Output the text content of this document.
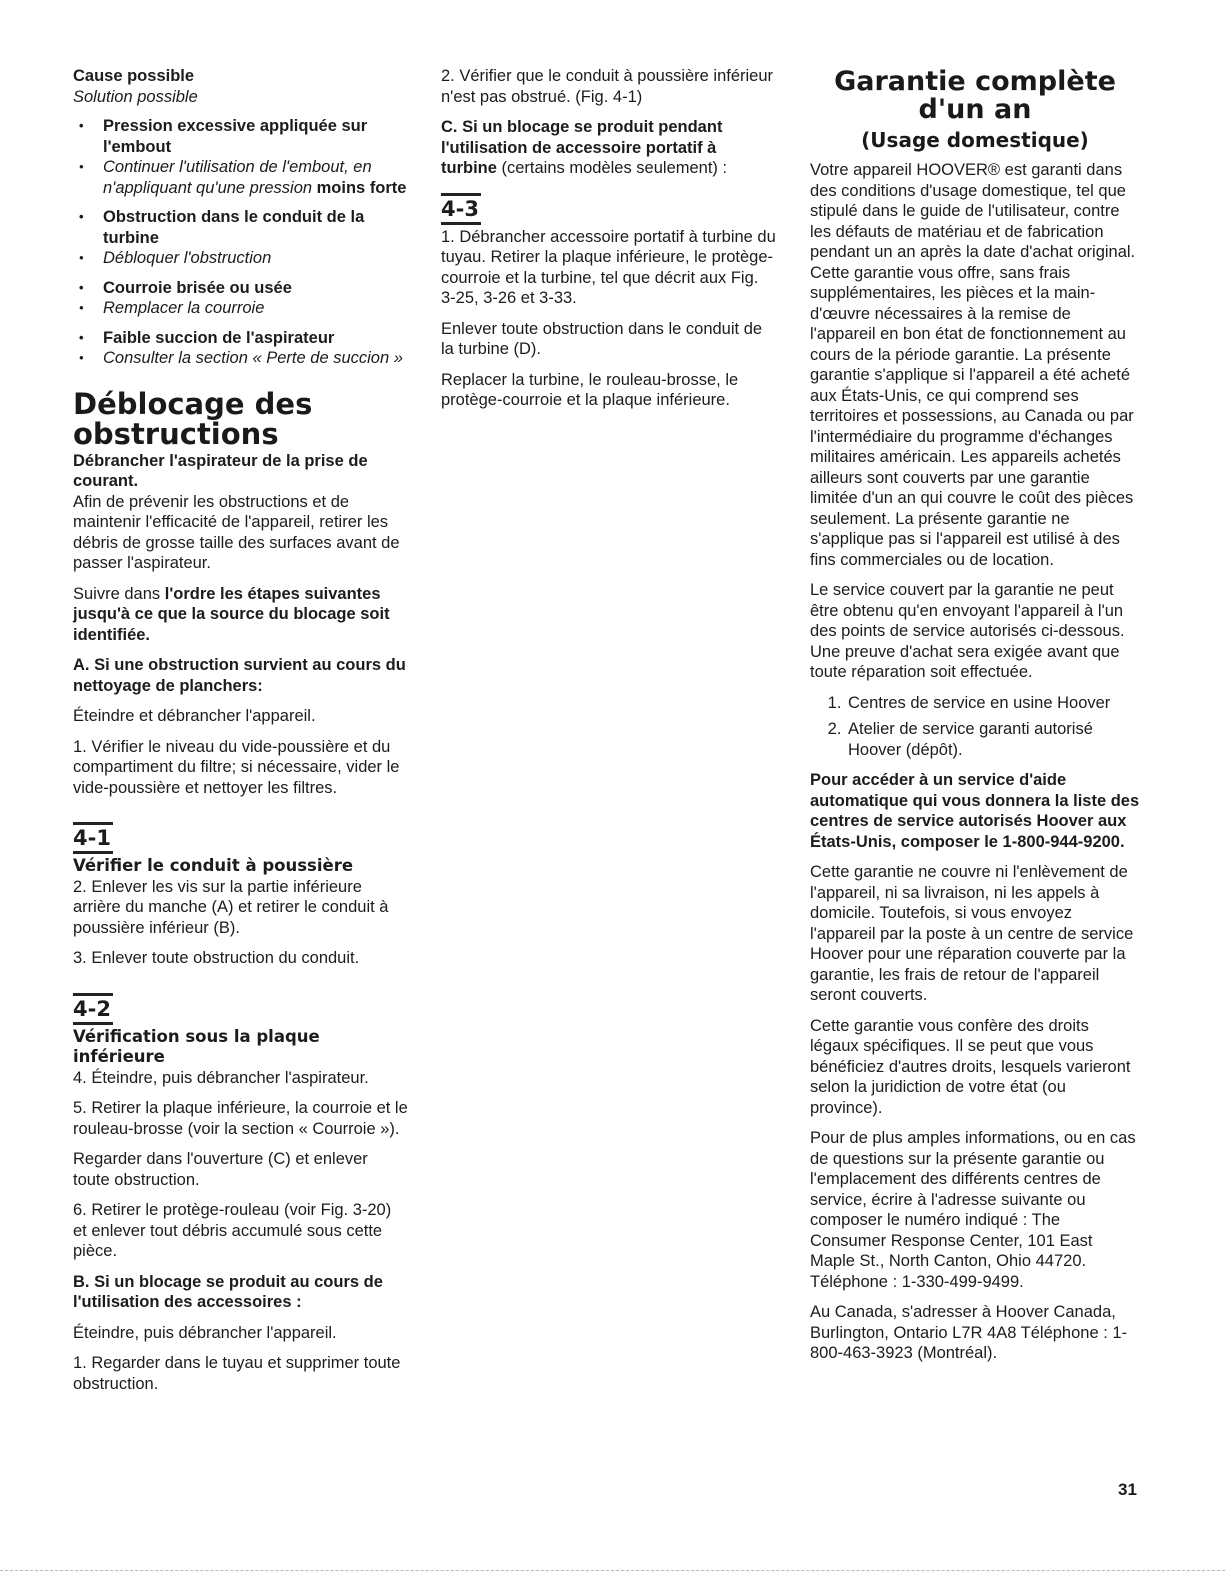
Cause possible
Solution possible
• Pression excessive appliquée sur l'embout
• Continuer l'utilisation de l'embout, en n'appliquant qu'une pression moins forte
• Obstruction dans le conduit de la turbine
• Débloquer l'obstruction
• Courroie brisée ou usée
• Remplacer la courroie
• Faible succion de l'aspirateur
• Consulter la section « Perte de succion »
Déblocage des
obstructions

Débrancher l'aspirateur de la prise de courant.

Afin de prévenir les obstructions et de maintenir l'efficacité de l'appareil, retirer les débris de grosse taille des surfaces avant de passer l'aspirateur.

Suivre dans l'ordre les étapes suivantes jusqu'à ce que la source du blocage soit identifiée.

A. Si une obstruction survient au cours du nettoyage de planchers:

Éteindre et débrancher l'appareil.

1. Vérifier le niveau du vide-poussière et du compartiment du filtre; si nécessaire, vider le vide-poussière et nettoyer les filtres.

4-1
Vérifier le conduit à poussière

2. Enlever les vis sur la partie inférieure arrière du manche (A) et retirer le conduit à poussière inférieur (B).

3. Enlever toute obstruction du conduit.

4-2
Vérification sous la plaque inférieure

4. Éteindre, puis débrancher l'aspirateur.

5. Retirer la plaque inférieure, la courroie et le rouleau-brosse (voir la section « Courroie »).

Regarder dans l'ouverture (C) et enlever toute obstruction.

6. Retirer le protège-rouleau (voir Fig. 3-20) et enlever tout débris accumulé sous cette pièce.

B. Si un blocage se produit au cours de l'utilisation des accessoires :

Éteindre, puis débrancher l'appareil.

1. Regarder dans le tuyau et supprimer toute obstruction.

2. Vérifier que le conduit à poussière inférieur n'est pas obstrué. (Fig. 4-1)

C. Si un blocage se produit pendant l'utilisation de accessoire portatif à turbine (certains modèles seulement) :

4-3

1. Débrancher accessoire portatif à turbine du tuyau. Retirer la plaque inférieure, le protège-courroie et la turbine, tel que décrit aux Fig. 3-25, 3-26 et 3-33.

Enlever toute obstruction dans le conduit de la turbine (D).

Replacer la turbine, le rouleau-brosse, le protège-courroie et la plaque inférieure.

Garantie complète
d'un an
(Usage domestique)

Votre appareil HOOVER® est garanti dans des conditions d'usage domestique, tel que stipulé dans le guide de l'utilisateur, contre les défauts de matériau et de fabrication pendant un an après la date d'achat original. Cette garantie vous offre, sans frais supplémentaires, les pièces et la main-d'œuvre nécessaires à la remise de l'appareil en bon état de fonctionnement au cours de la période garantie. La présente garantie s'applique si l'appareil a été acheté aux États-Unis, ce qui comprend ses territoires et possessions, au Canada ou par l'intermédiaire du programme d'échanges militaires américain. Les appareils achetés ailleurs sont couverts par une garantie limitée d'un an qui couvre le coût des pièces seulement. La présente garantie ne s'applique pas si l'appareil est utilisé à des fins commerciales ou de location.

Le service couvert par la garantie ne peut être obtenu qu'en envoyant l'appareil à l'un des points de service autorisés ci-dessous. Une preuve d'achat sera exigée avant que toute réparation soit effectuée.

1. Centres de service en usine Hoover
2. Atelier de service garanti autorisé Hoover (dépôt).

Pour accéder à un service d'aide automatique qui vous donnera la liste des centres de service autorisés Hoover aux États-Unis, composer le 1-800-944-9200.

Cette garantie ne couvre ni l'enlèvement de l'appareil, ni sa livraison, ni les appels à domicile. Toutefois, si vous envoyez l'appareil par la poste à un centre de service Hoover pour une réparation couverte par la garantie, les frais de retour de l'appareil seront couverts.

Cette garantie vous confère des droits légaux spécifiques. Il se peut que vous bénéficiez d'autres droits, lesquels varieront selon la juridiction de votre état (ou province).

Pour de plus amples informations, ou en cas de questions sur la présente garantie ou l'emplacement des différents centres de service, écrire à l'adresse suivante ou composer le numéro indiqué : The Consumer Response Center, 101 East Maple St., North Canton, Ohio 44720. Téléphone : 1-330-499-9499.

Au Canada, s'adresser à Hoover Canada, Burlington, Ontario L7R 4A8 Téléphone : 1-800-463-3923 (Montréal).

31
